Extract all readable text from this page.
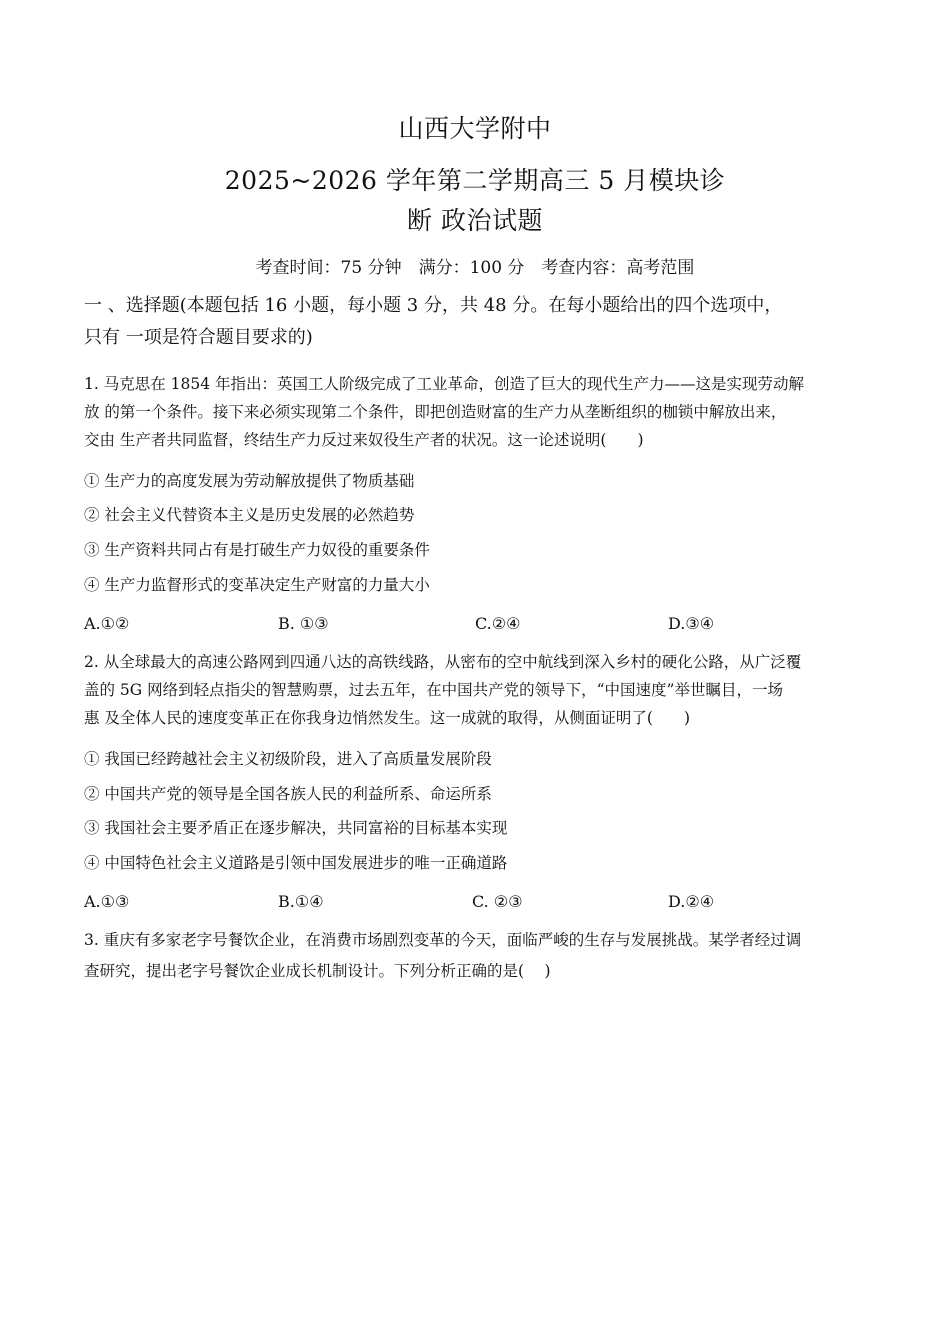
山西大学附中
2025~2026 学年第二学期高三 5 月模块诊
断 政治试题
考查时间：75 分钟　满分：100 分　考查内容：高考范围
一 、选择题(本题包括 16 小题，每小题 3 分，共 48 分。在每小题给出的四个选项中，
只有 一项是符合题目要求的)
1. 马克思在 1854 年指出：英国工人阶级完成了工业革命，创造了巨大的现代生产力——这是实现劳动解
放 的第一个条件。接下来必须实现第二个条件，即把创造财富的生产力从垄断组织的枷锁中解放出来，
交由 生产者共同监督，终结生产力反过来奴役生产者的状况。这一论述说明(　　)
① 生产力的高度发展为劳动解放提供了物质基础
② 社会主义代替资本主义是历史发展的必然趋势
③ 生产资料共同占有是打破生产力奴役的重要条件
④ 生产力监督形式的变革决定生产财富的力量大小
A.①②	B. ①③	C.②④	D.③④
2. 从全球最大的高速公路网到四通八达的高铁线路，从密布的空中航线到深入乡村的硬化公路，从广泛覆
盖的 5G 网络到轻点指尖的智慧购票，过去五年，在中国共产党的领导下，“中国速度”举世瞩目，一场
惠 及全体人民的速度变革正在你我身边悄然发生。这一成就的取得，从侧面证明了(　　)
① 我国已经跨越社会主义初级阶段，进入了高质量发展阶段
② 中国共产党的领导是全国各族人民的利益所系、命运所系
③ 我国社会主要矛盾正在逐步解决，共同富裕的目标基本实现
④ 中国特色社会主义道路是引领中国发展进步的唯一正确道路
A.①③	B.①④	C. ②③	D.②④
3. 重庆有多家老字号餐饮企业，在消费市场剧烈变革的今天，面临严峻的生存与发展挑战。某学者经过调
查研究，提出老字号餐饮企业成长机制设计。下列分析正确的是(　 )
